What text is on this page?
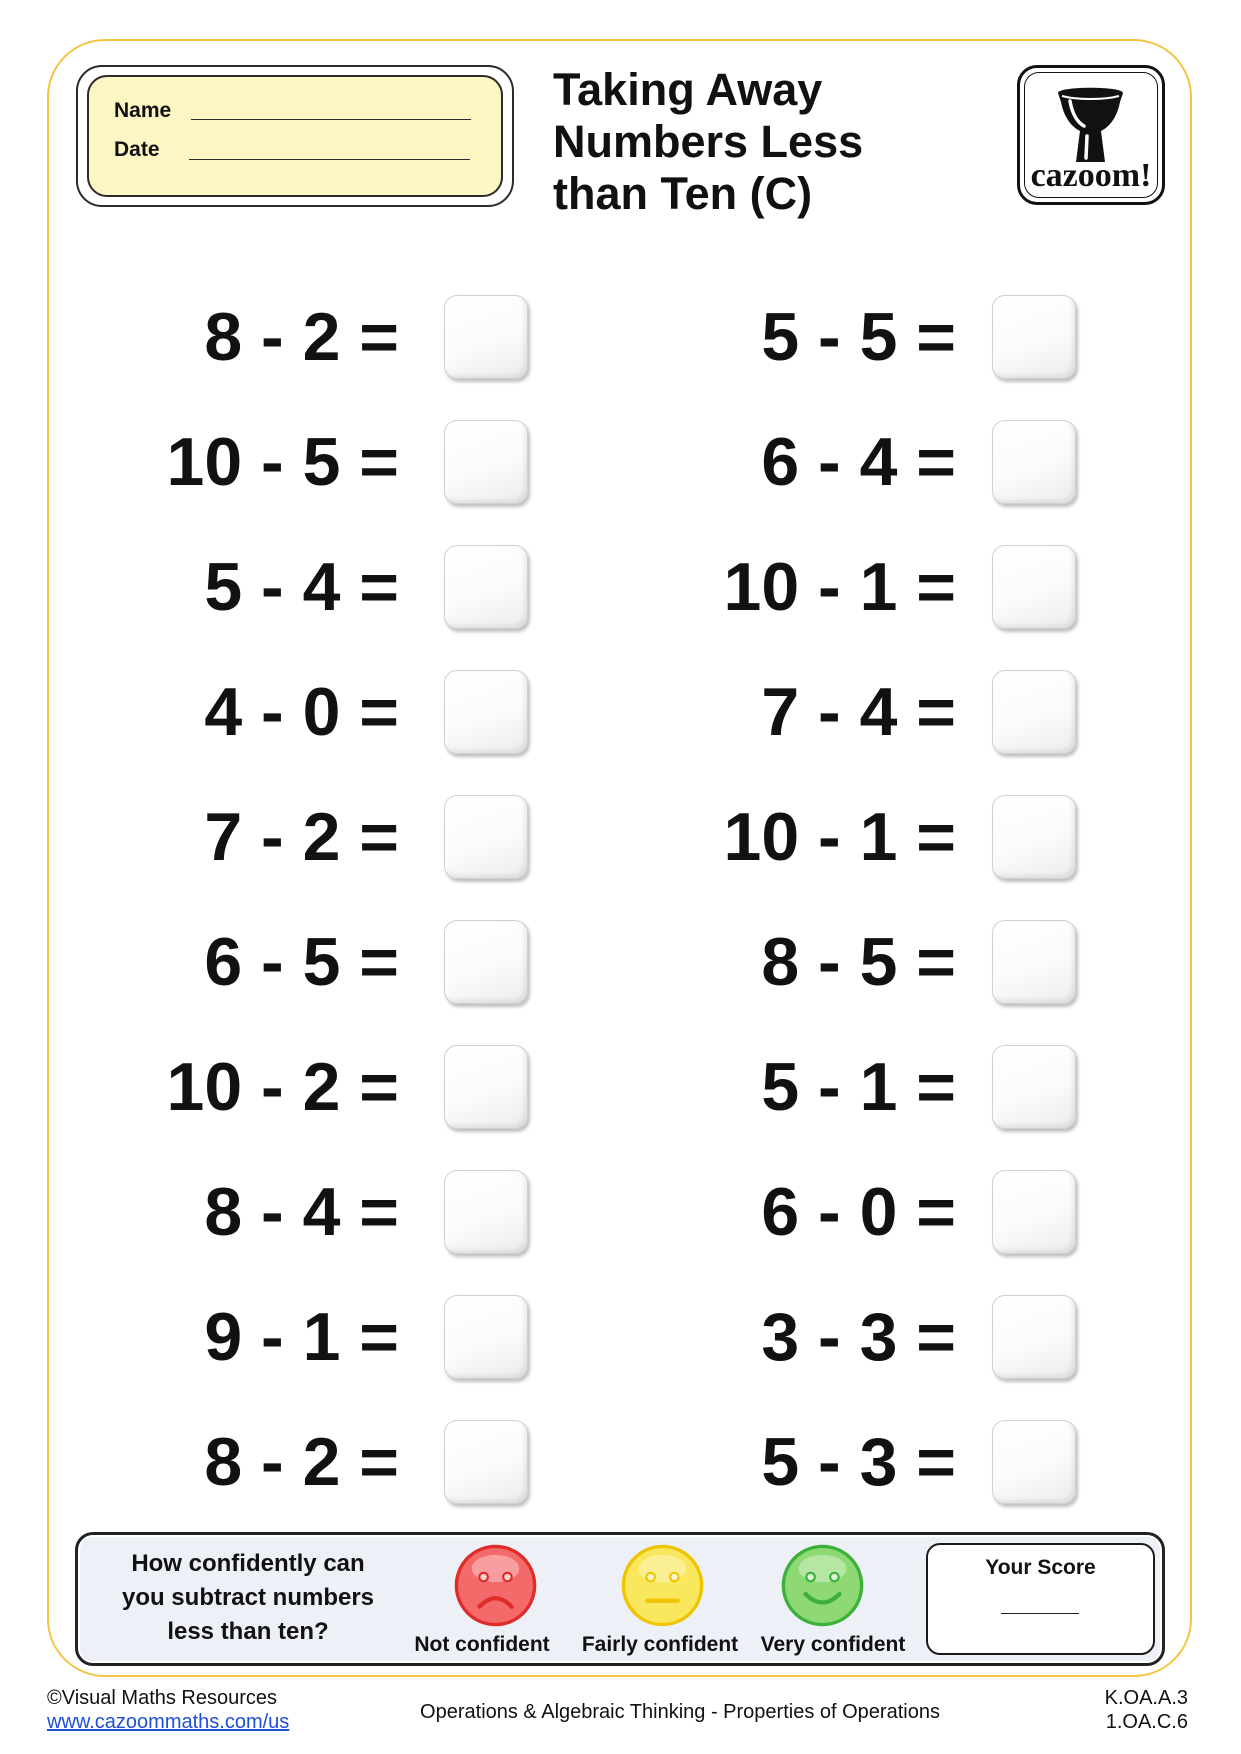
Name
Date
Taking Away
Numbers Less
than Ten (C)	cazoom!
8 - 2 =
10 - 5 =
5 - 4 =
4 - 0 =
7 - 2 =
6 - 5 =
10 - 2 =
8 - 4 =
9 - 1 =
8 - 2 =
5 - 5 =
6 - 4 =
10 - 1 =
7 - 4 =
10 - 1 =
8 - 5 =
5 - 1 =
6 - 0 =
3 - 3 =
5 - 3 =
How confidently can
you subtract numbers
less than ten?	Not confident	Fairly confident	Very confident
Your Score
©Visual Maths Resources
www.cazoommaths.com/us	Operations & Algebraic Thinking - Properties of Operations
K.OA.A.3
1.OA.C.6
